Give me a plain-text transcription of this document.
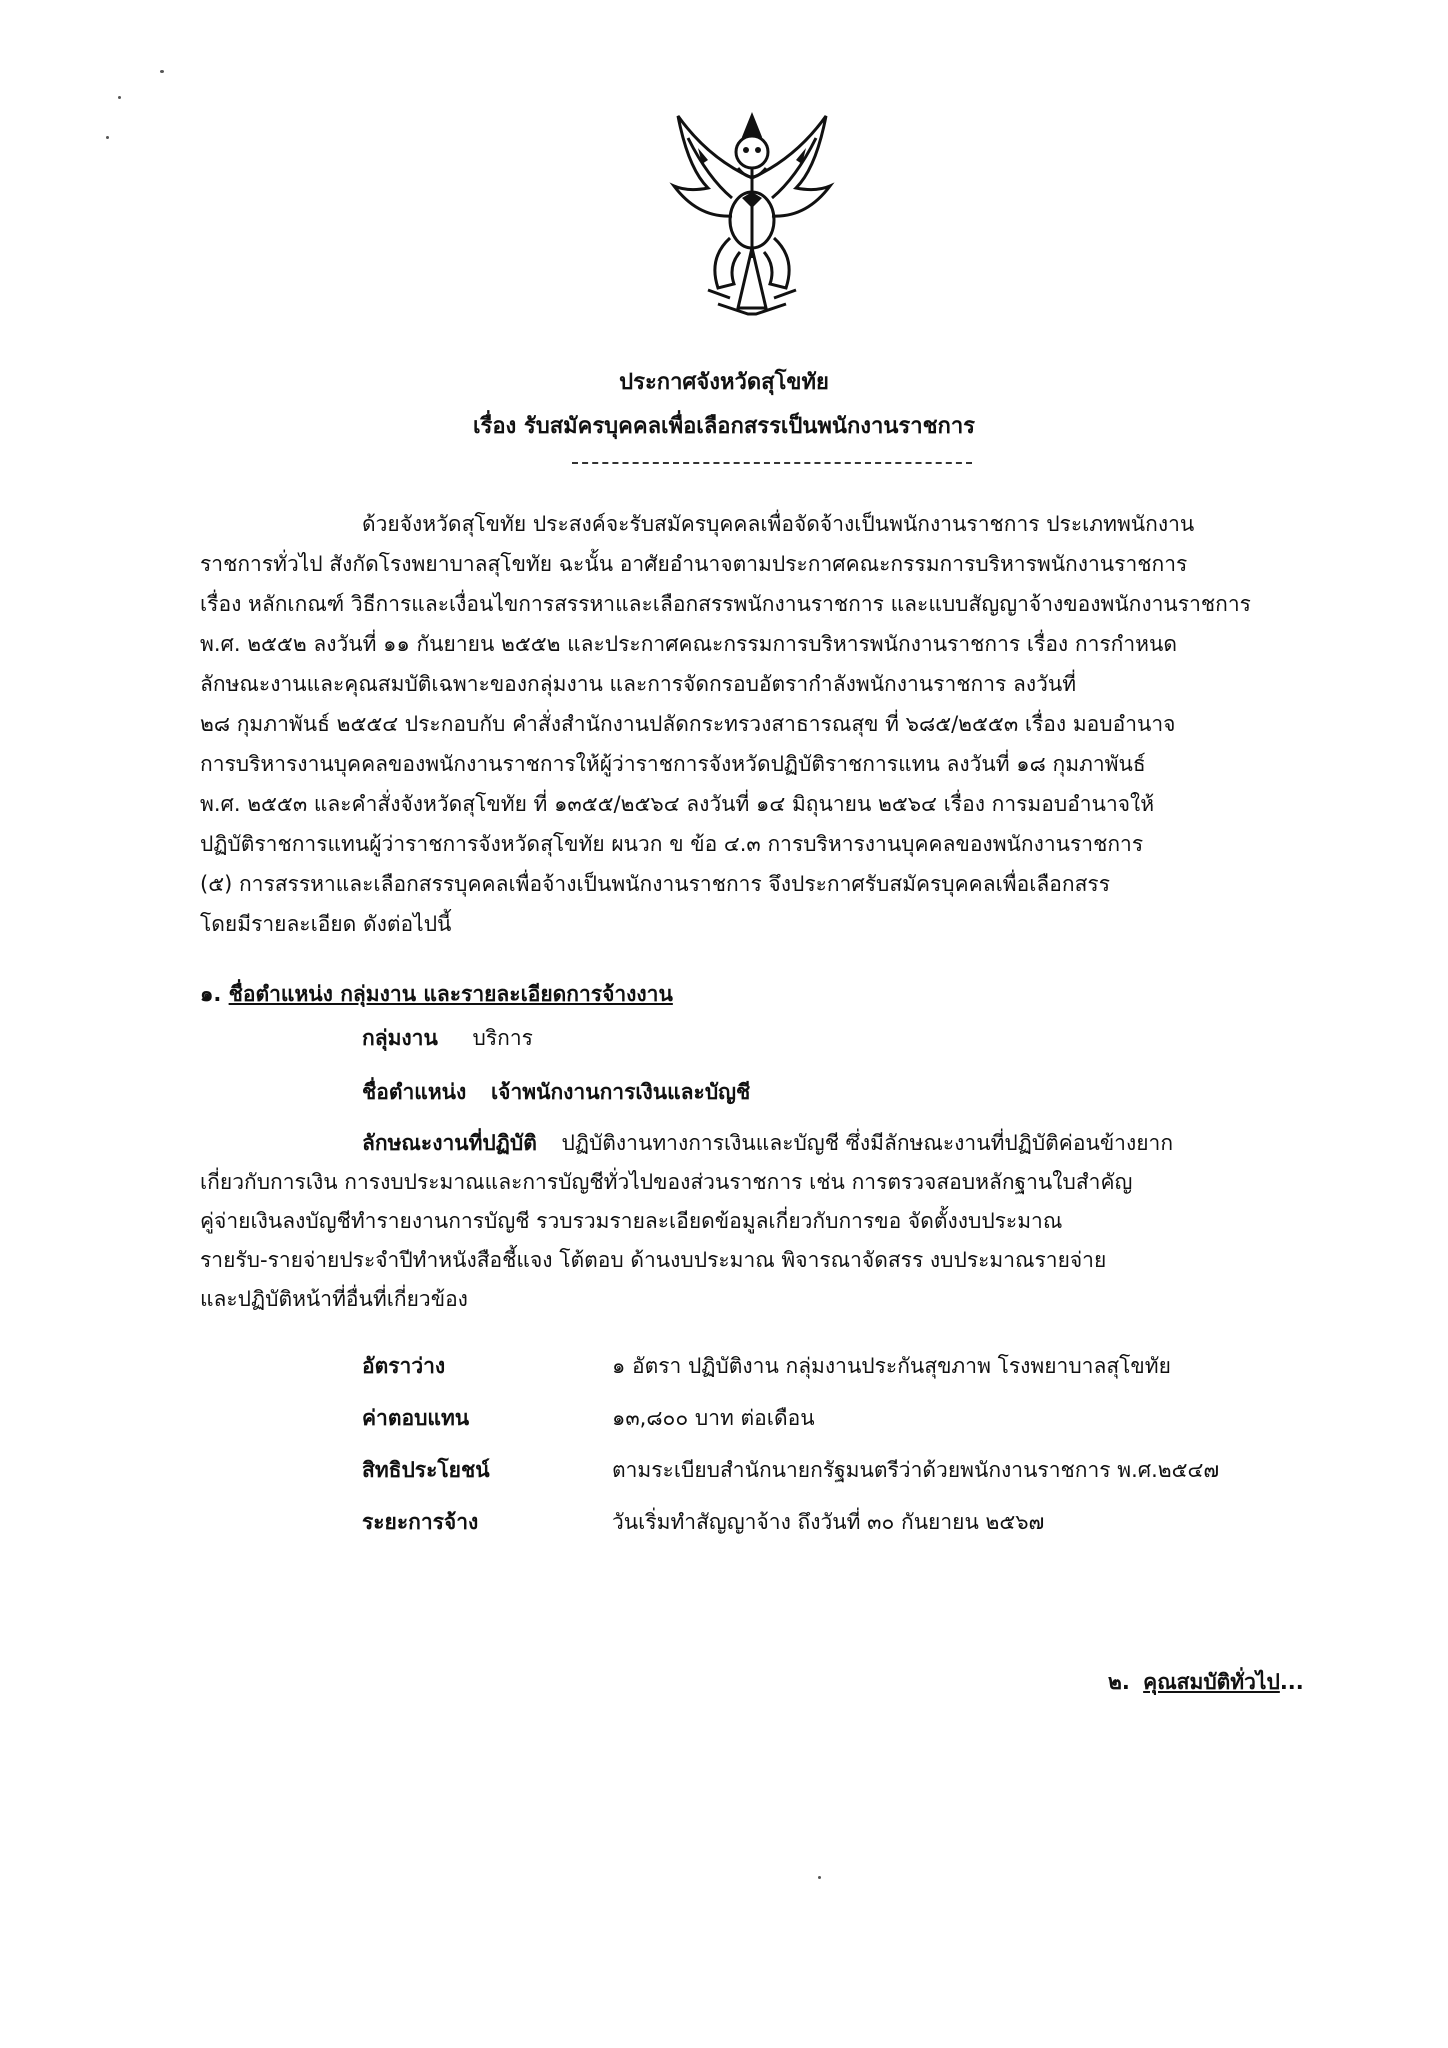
ประกาศจังหวัดสุโขทัย
เรื่อง รับสมัครบุคคลเพื่อเลือกสรรเป็นพนักงานราชการ

ด้วยจังหวัดสุโขทัย ประสงค์จะรับสมัครบุคคลเพื่อจัดจ้างเป็นพนักงานราชการ ประเภทพนักงาน

ราชการทั่วไป สังกัดโรงพยาบาลสุโขทัย ฉะนั้น อาศัยอำนาจตามประกาศคณะกรรมการบริหารพนักงานราชการ

เรื่อง หลักเกณฑ์ วิธีการและเงื่อนไขการสรรหาและเลือกสรรพนักงานราชการ และแบบสัญญาจ้างของพนักงานราชการ

พ.ศ. ๒๕๕๒ ลงวันที่ ๑๑ กันยายน ๒๕๕๒ และประกาศคณะกรรมการบริหารพนักงานราชการ เรื่อง การกำหนด

ลักษณะงานและคุณสมบัติเฉพาะของกลุ่มงาน และการจัดกรอบอัตรากำลังพนักงานราชการ ลงวันที่

๒๘ กุมภาพันธ์ ๒๕๕๔ ประกอบกับ คำสั่งสำนักงานปลัดกระทรวงสาธารณสุข ที่ ๖๘๕/๒๕๕๓ เรื่อง มอบอำนาจ

การบริหารงานบุคคลของพนักงานราชการให้ผู้ว่าราชการจังหวัดปฏิบัติราชการแทน ลงวันที่ ๑๘ กุมภาพันธ์

พ.ศ. ๒๕๕๓ และคำสั่งจังหวัดสุโขทัย ที่ ๑๓๕๕/๒๕๖๔ ลงวันที่ ๑๔ มิถุนายน ๒๕๖๔ เรื่อง การมอบอำนาจให้

ปฏิบัติราชการแทนผู้ว่าราชการจังหวัดสุโขทัย ผนวก ข ข้อ ๔.๓ การบริหารงานบุคคลของพนักงานราชการ

(๕) การสรรหาและเลือกสรรบุคคลเพื่อจ้างเป็นพนักงานราชการ จึงประกาศรับสมัครบุคคลเพื่อเลือกสรร

โดยมีรายละเอียด ดังต่อไปนี้

๑. ชื่อตำแหน่ง กลุ่มงาน และรายละเอียดการจ้างงาน
กลุ่มงาน บริการ
ชื่อตำแหน่ง เจ้าพนักงานการเงินและบัญชี
ลักษณะงานที่ปฏิบัติ ปฏิบัติงานทางการเงินและบัญชี ซึ่งมีลักษณะงานที่ปฏิบัติค่อนข้างยาก
เกี่ยวกับการเงิน การงบประมาณและการบัญชีทั่วไปของส่วนราชการ เช่น การตรวจสอบหลักฐานใบสำคัญ
คู่จ่ายเงินลงบัญชีทำรายงานการบัญชี รวบรวมรายละเอียดข้อมูลเกี่ยวกับการขอ จัดตั้งงบประมาณ
รายรับ-รายจ่ายประจำปีทำหนังสือชี้แจง โต้ตอบ ด้านงบประมาณ พิจารณาจัดสรร งบประมาณรายจ่าย
และปฏิบัติหน้าที่อื่นที่เกี่ยวข้อง
อัตราว่าง	๑ อัตรา ปฏิบัติงาน กลุ่มงานประกันสุขภาพ โรงพยาบาลสุโขทัย
ค่าตอบแทน	๑๓,๘๐๐ บาท ต่อเดือน
สิทธิประโยชน์	ตามระเบียบสำนักนายกรัฐมนตรีว่าด้วยพนักงานราชการ พ.ศ.๒๕๔๗
ระยะการจ้าง	วันเริ่มทำสัญญาจ้าง ถึงวันที่ ๓๐ กันยายน ๒๕๖๗
๒. คุณสมบัติทั่วไป...
